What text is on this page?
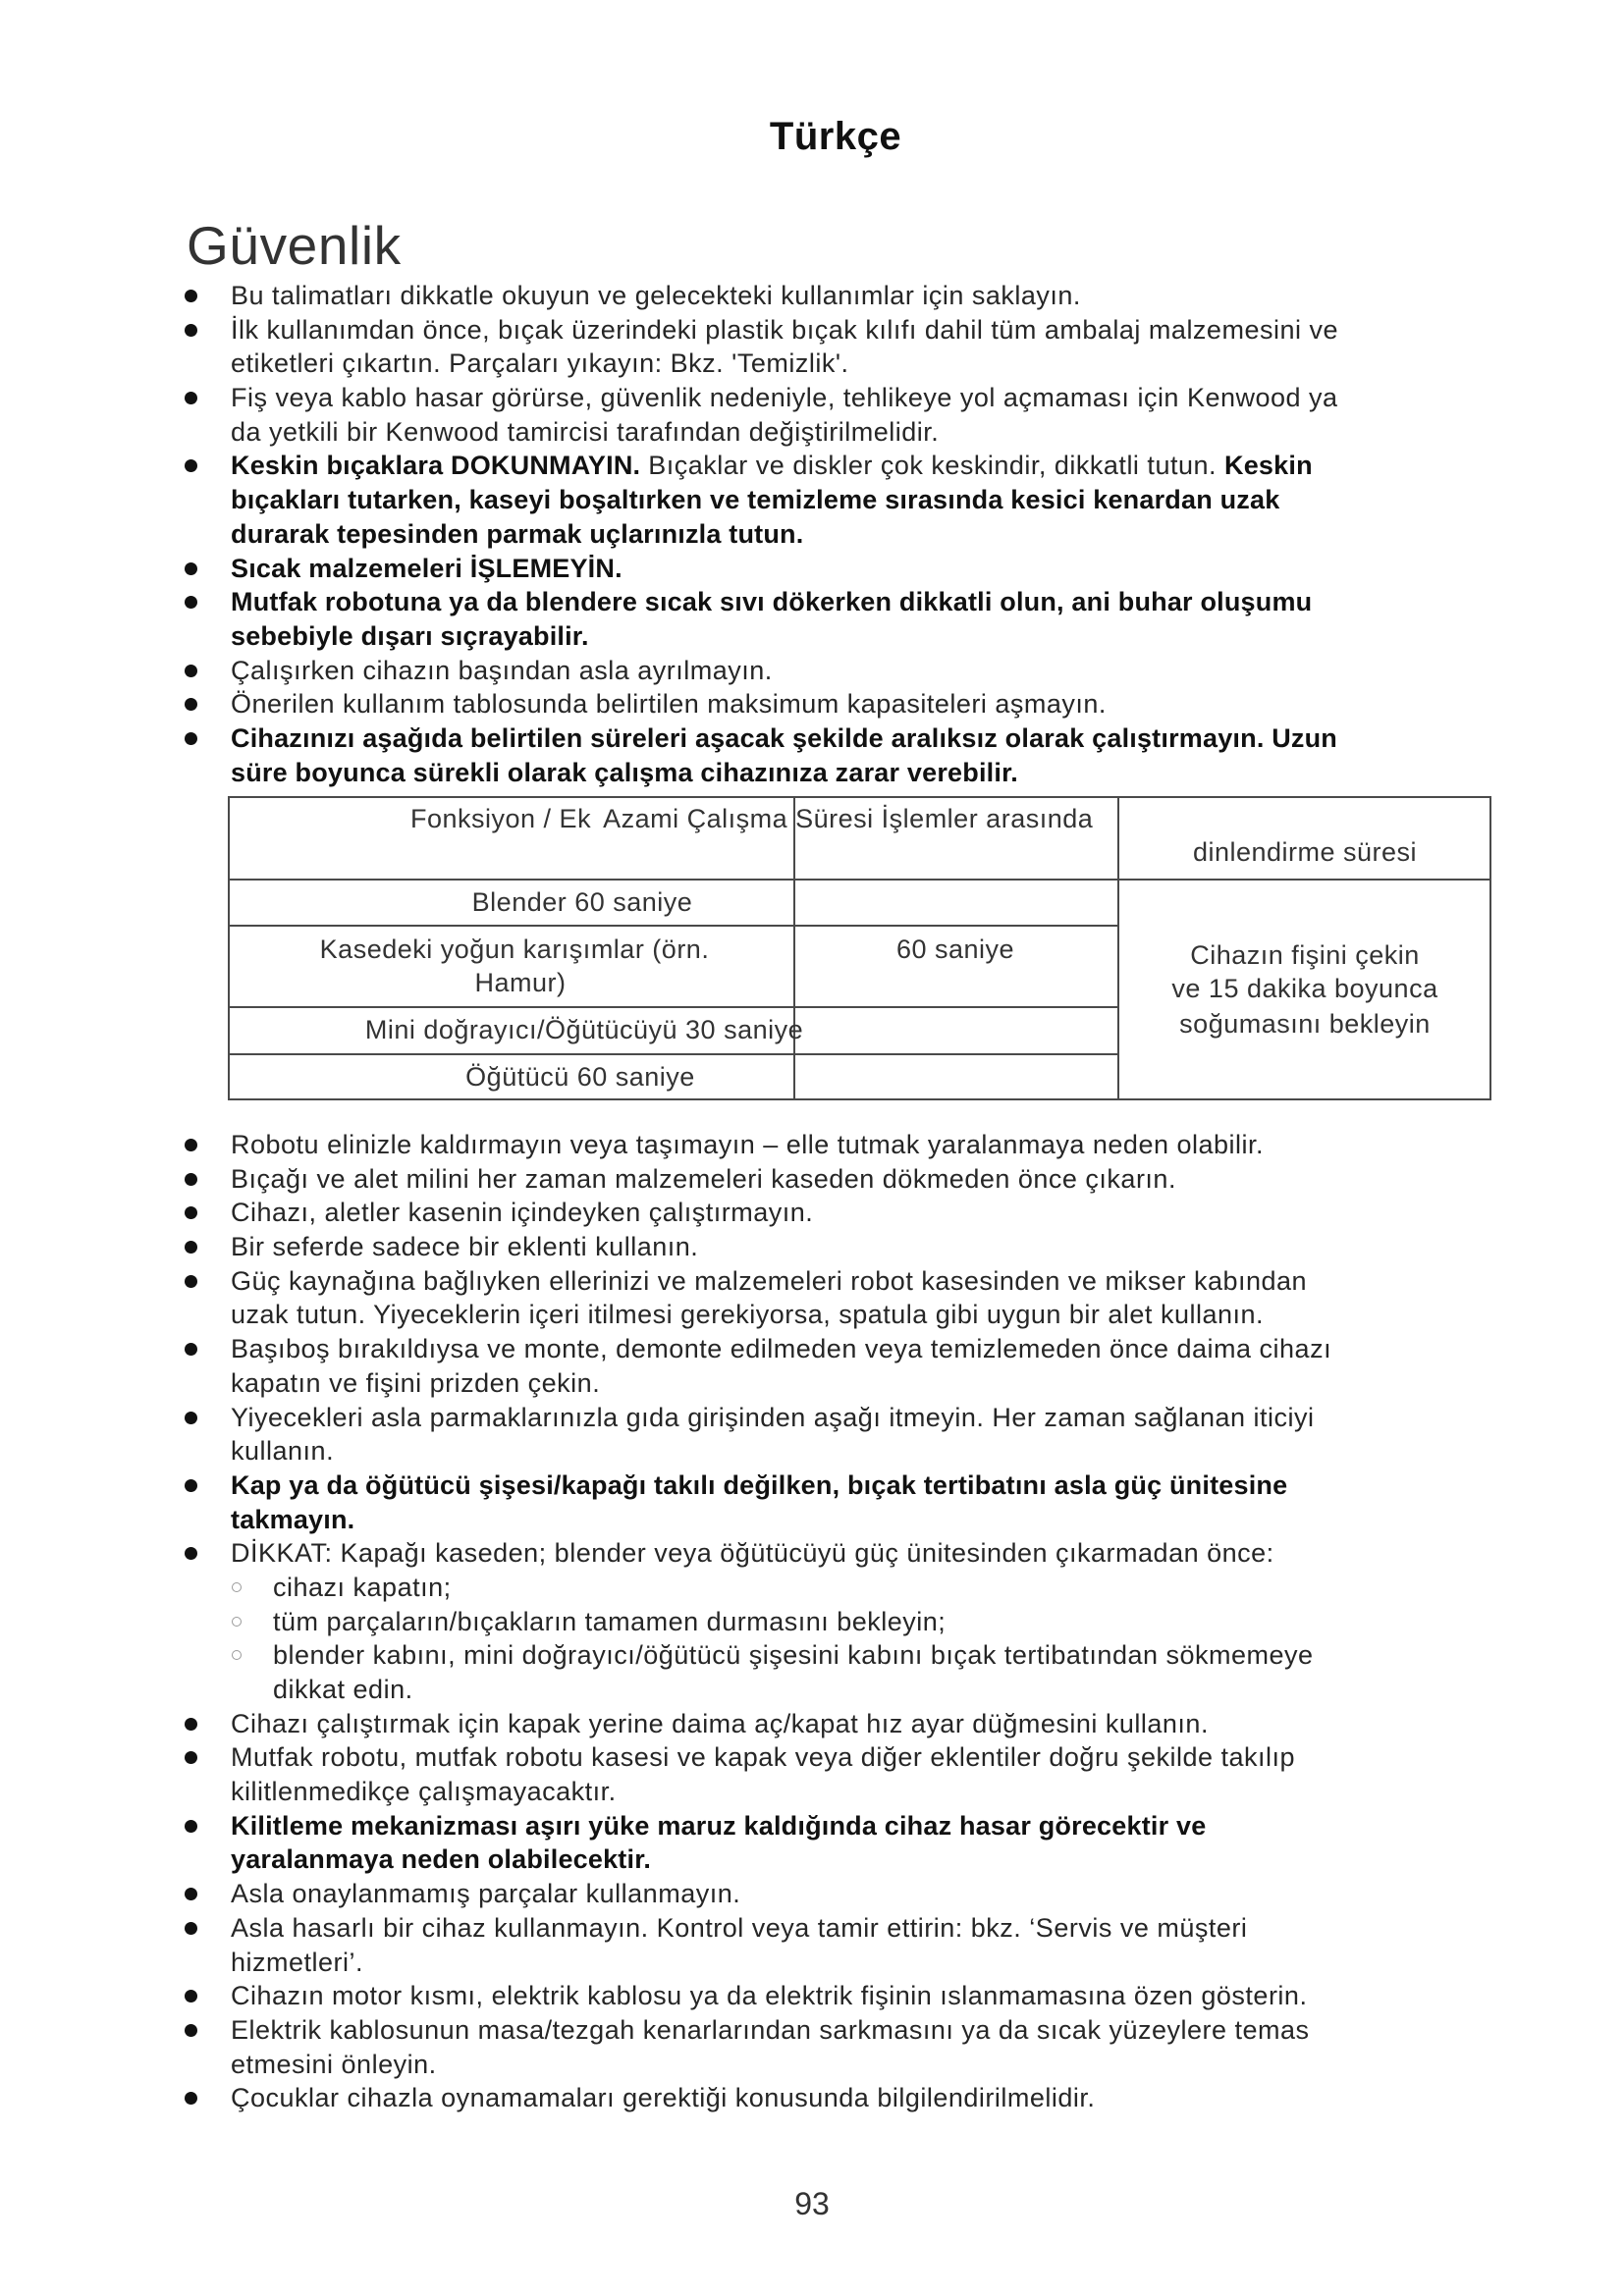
Türkçe
Güvenlik
Bu talimatları dikkatle okuyun ve gelecekteki kullanımlar için saklayın.
İlk kullanımdan önce, bıçak üzerindeki plastik bıçak kılıfı dahil tüm ambalaj malzemesini ve
etiketleri çıkartın. Parçaları yıkayın: Bkz. 'Temizlik'.
Fiş veya kablo hasar görürse, güvenlik nedeniyle, tehlikeye yol açmaması için Kenwood ya
da yetkili bir Kenwood tamircisi tarafından değiştirilmelidir.
Keskin bıçaklara DOKUNMAYIN. Bıçaklar ve diskler çok keskindir, dikkatli tutun. Keskin
bıçakları tutarken, kaseyi boşaltırken ve temizleme sırasında kesici kenardan uzak
durarak tepesinden parmak uçlarınızla tutun.
Sıcak malzemeleri İŞLEMEYİN.
Mutfak robotuna ya da blendere sıcak sıvı dökerken dikkatli olun, ani buhar oluşumu
sebebiyle dışarı sıçrayabilir.
Çalışırken cihazın başından asla ayrılmayın.
Önerilen kullanım tablosunda belirtilen maksimum kapasiteleri aşmayın.
Cihazınızı aşağıda belirtilen süreleri aşacak şekilde aralıksız olarak çalıştırmayın. Uzun
süre boyunca sürekli olarak çalışma cihazınıza zarar verebilir.
Fonksiyon / Ek Azami Çalışma Süresi İşlemler arasında
dinlendirme süresi
Blender 60 saniye
Kasedeki yoğun karışımlar (örn.
Hamur)
60 saniye
Mini doğrayıcı/Öğütücüyü 30 saniye
Öğütücü 60 saniye
Cihazın fişini çekin
ve 15 dakika boyunca
soğumasını bekleyin
Robotu elinizle kaldırmayın veya taşımayın – elle tutmak yaralanmaya neden olabilir.
Bıçağı ve alet milini her zaman malzemeleri kaseden dökmeden önce çıkarın.
Cihazı, aletler kasenin içindeyken çalıştırmayın.
Bir seferde sadece bir eklenti kullanın.
Güç kaynağına bağlıyken ellerinizi ve malzemeleri robot kasesinden ve mikser kabından
uzak tutun. Yiyeceklerin içeri itilmesi gerekiyorsa, spatula gibi uygun bir alet kullanın.
Başıboş bırakıldıysa ve monte, demonte edilmeden veya temizlemeden önce daima cihazı
kapatın ve fişini prizden çekin.
Yiyecekleri asla parmaklarınızla gıda girişinden aşağı itmeyin. Her zaman sağlanan iticiyi
kullanın.
Kap ya da öğütücü şişesi/kapağı takılı değilken, bıçak tertibatını asla güç ünitesine
takmayın.
DİKKAT: Kapağı kaseden; blender veya öğütücüyü güç ünitesinden çıkarmadan önce:
cihazı kapatın;
tüm parçaların/bıçakların tamamen durmasını bekleyin;
blender kabını, mini doğrayıcı/öğütücü şişesini kabını bıçak tertibatından sökmemeye
dikkat edin.
Cihazı çalıştırmak için kapak yerine daima aç/kapat hız ayar düğmesini kullanın.
Mutfak robotu, mutfak robotu kasesi ve kapak veya diğer eklentiler doğru şekilde takılıp
kilitlenmedikçe çalışmayacaktır.
Kilitleme mekanizması aşırı yüke maruz kaldığında cihaz hasar görecektir ve
yaralanmaya neden olabilecektir.
Asla onaylanmamış parçalar kullanmayın.
Asla hasarlı bir cihaz kullanmayın. Kontrol veya tamir ettirin: bkz. ‘Servis ve müşteri
hizmetleri’.
Cihazın motor kısmı, elektrik kablosu ya da elektrik fişinin ıslanmamasına özen gösterin.
Elektrik kablosunun masa/tezgah kenarlarından sarkmasını ya da sıcak yüzeylere temas
etmesini önleyin.
Çocuklar cihazla oynamamaları gerektiği konusunda bilgilendirilmelidir.
93
